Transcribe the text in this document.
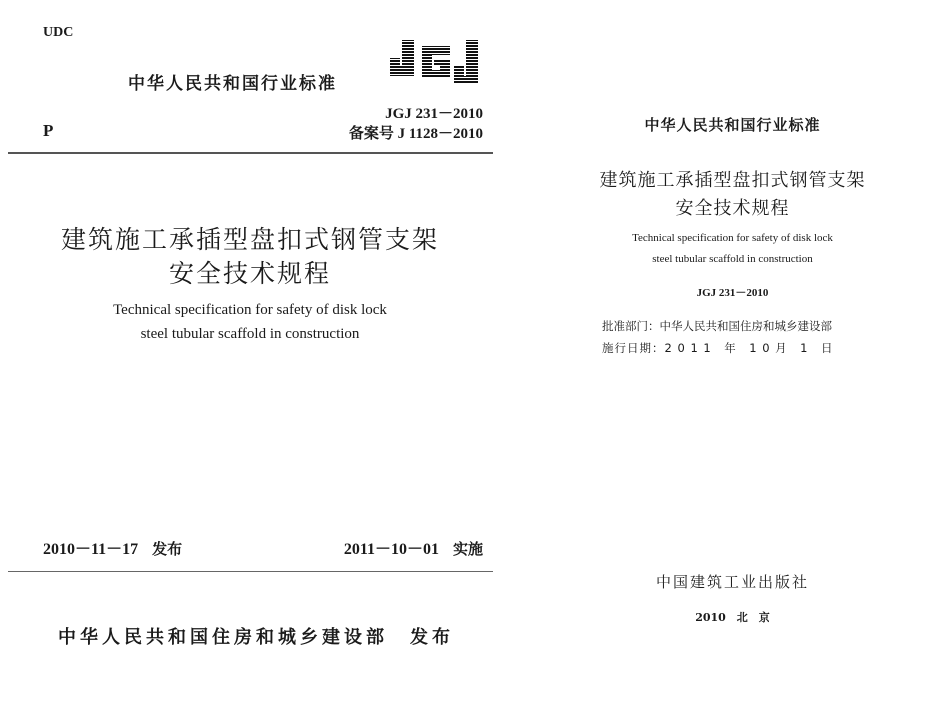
UDC
中华人民共和国行业标准
JGJ 231－2010
备案号 J 1128－2010
P
建筑施工承插型盘扣式钢管支架
安全技术规程
Technical specification for safety of disk lock
steel tubular scaffold in construction
2010－11－17 发布	2011－10－01 实施
中华人民共和国住房和城乡建设部 发布
中华人民共和国行业标准
建筑施工承插型盘扣式钢管支架
安全技术规程
Technical specification for safety of disk lock
steel tubular scaffold in construction
JGJ 231－2010
批准部门：中华人民共和国住房和城乡建设部
施行日期：2 0 1 1　年　1 0 月　1　日
中国建筑工业出版社
2010　北　京
